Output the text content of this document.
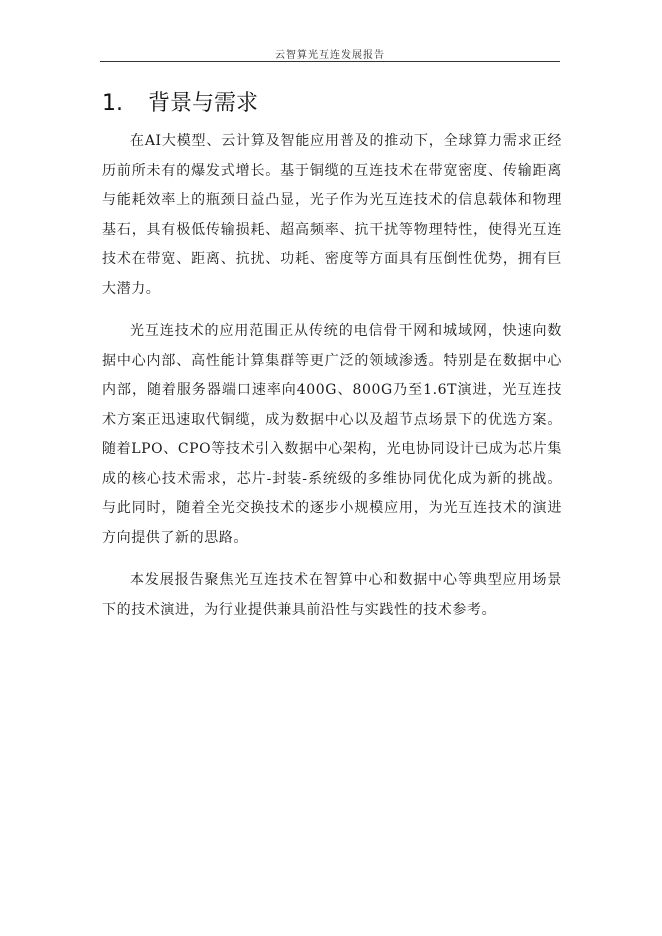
云智算光互连发展报告
1. 背景与需求

在AI大模型、云计算及智能应用普及的推动下，全球算力需求正经历前所未有的爆发式增长。基于铜缆的互连技术在带宽密度、传输距离与能耗效率上的瓶颈日益凸显，光子作为光互连技术的信息载体和物理基石，具有极低传输损耗、超高频率、抗干扰等物理特性，使得光互连技术在带宽、距离、抗扰、功耗、密度等方面具有压倒性优势，拥有巨大潜力。

光互连技术的应用范围正从传统的电信骨干网和城域网，快速向数据中心内部、高性能计算集群等更广泛的领域渗透。特别是在数据中心内部，随着服务器端口速率向400G、800G乃至1.6T演进，光互连技术方案正迅速取代铜缆，成为数据中心以及超节点场景下的优选方案。随着LPO、CPO等技术引入数据中心架构，光电协同设计已成为芯片集成的核心技术需求，芯片-封装-系统级的多维协同优化成为新的挑战。与此同时，随着全光交换技术的逐步小规模应用，为光互连技术的演进方向提供了新的思路。

本发展报告聚焦光互连技术在智算中心和数据中心等典型应用场景下的技术演进，为行业提供兼具前沿性与实践性的技术参考。
